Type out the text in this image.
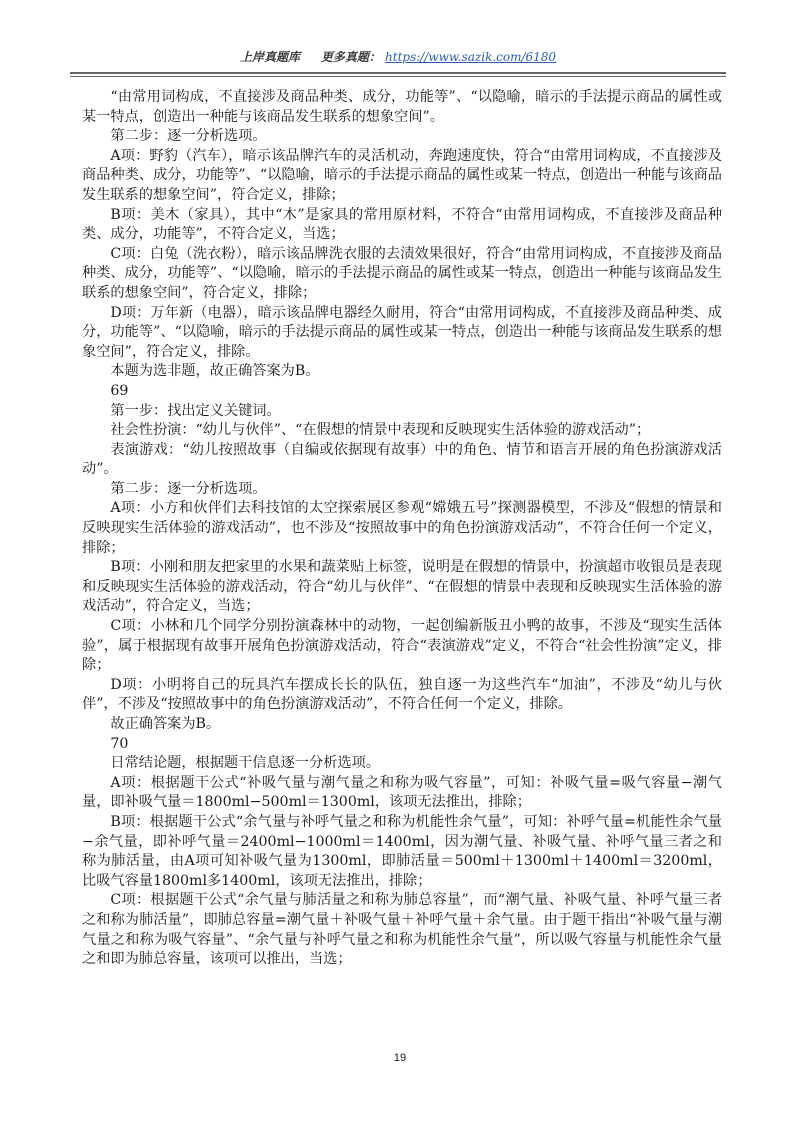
上岸真题库 更多真题： https://www.sazik.com/6180

“由常用词构成，不直接涉及商品种类、成分，功能等”、“以隐喻，暗示的手法提示商品的属性或某一特点，创造出一种能与该商品发生联系的想象空间”。

第二步：逐一分析选项。

A项：野豹（汽车），暗示该品牌汽车的灵活机动，奔跑速度快，符合“由常用词构成，不直接涉及商品种类、成分，功能等”、“以隐喻，暗示的手法提示商品的属性或某一特点，创造出一种能与该商品发生联系的想象空间”，符合定义，排除；

B项：美木（家具），其中“木”是家具的常用原材料，不符合“由常用词构成，不直接涉及商品种类、成分，功能等”，不符合定义，当选；

C项：白兔（洗衣粉），暗示该品牌洗衣服的去渍效果很好，符合“由常用词构成，不直接涉及商品种类、成分，功能等”、“以隐喻，暗示的手法提示商品的属性或某一特点，创造出一种能与该商品发生联系的想象空间”，符合定义，排除；

D项：万年新（电器），暗示该品牌电器经久耐用，符合“由常用词构成，不直接涉及商品种类、成分，功能等”、“以隐喻，暗示的手法提示商品的属性或某一特点，创造出一种能与该商品发生联系的想象空间”，符合定义，排除。

本题为选非题，故正确答案为B。

69

第一步：找出定义关键词。

社会性扮演：“幼儿与伙伴”、“在假想的情景中表现和反映现实生活体验的游戏活动”；

表演游戏：“幼儿按照故事（自编或依据现有故事）中的角色、情节和语言开展的角色扮演游戏活动”。

第二步：逐一分析选项。

A项：小方和伙伴们去科技馆的太空探索展区参观“嫦娥五号”探测器模型，不涉及“假想的情景和反映现实生活体验的游戏活动”，也不涉及“按照故事中的角色扮演游戏活动”，不符合任何一个定义，排除；

B项：小刚和朋友把家里的水果和蔬菜贴上标签，说明是在假想的情景中，扮演超市收银员是表现和反映现实生活体验的游戏活动，符合“幼儿与伙伴”、“在假想的情景中表现和反映现实生活体验的游戏活动”，符合定义，当选；

C项：小林和几个同学分别扮演森林中的动物，一起创编新版丑小鸭的故事，不涉及“现实生活体验”，属于根据现有故事开展角色扮演游戏活动，符合“表演游戏”定义，不符合“社会性扮演”定义，排除；

D项：小明将自己的玩具汽车摆成长长的队伍，独自逐一为这些汽车“加油”，不涉及“幼儿与伙伴”，不涉及“按照故事中的角色扮演游戏活动”，不符合任何一个定义，排除。

故正确答案为B。

70

日常结论题，根据题干信息逐一分析选项。

A项：根据题干公式“补吸气量与潮气量之和称为吸气容量”，可知：补吸气量=吸气容量−潮气量，即补吸气量＝1800ml−500ml＝1300ml，该项无法推出，排除；

B项：根据题干公式“余气量与补呼气量之和称为机能性余气量”，可知：补呼气量=机能性余气量−余气量，即补呼气量＝2400ml−1000ml＝1400ml，因为潮气量、补吸气量、补呼气量三者之和称为肺活量，由A项可知补吸气量为1300ml，即肺活量＝500ml＋1300ml＋1400ml＝3200ml，比吸气容量1800ml多1400ml，该项无法推出，排除；

C项：根据题干公式“余气量与肺活量之和称为肺总容量”，而“潮气量、补吸气量、补呼气量三者之和称为肺活量”，即肺总容量=潮气量＋补吸气量＋补呼气量＋余气量。由于题干指出“补吸气量与潮气量之和称为吸气容量”、“余气量与补呼气量之和称为机能性余气量”，所以吸气容量与机能性余气量之和即为肺总容量，该项可以推出，当选；

19
